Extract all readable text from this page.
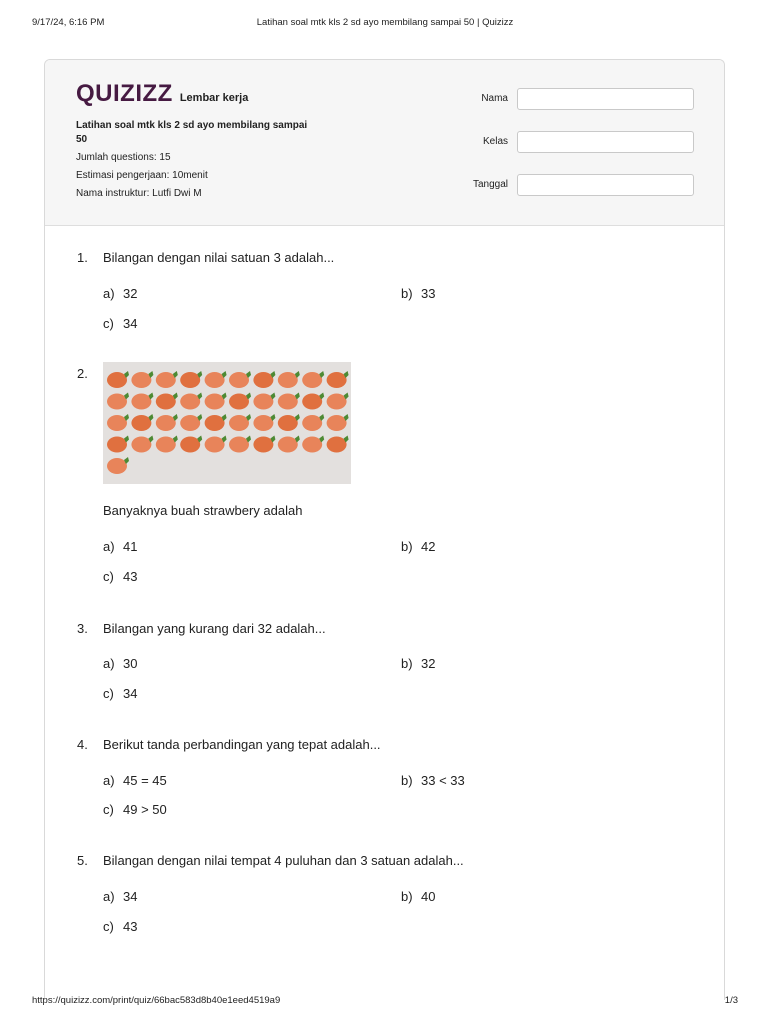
9/17/24, 6:16 PM	Latihan soal mtk kls 2 sd ayo membilang sampai 50 | Quizizz
QUIZIZZ Lembar kerja
Latihan soal mtk kls 2 sd ayo membilang sampai 50
Jumlah questions: 15
Estimasi pengerjaan: 10menit
Nama instruktur: Lutfi Dwi M
Nama
Kelas
Tanggal
1. Bilangan dengan nilai satuan 3 adalah...
a) 32	b) 33
c) 34
2.
Banyaknya buah strawbery adalah
a) 41	b) 42
c) 43
3. Bilangan yang kurang dari 32 adalah...
a) 30	b) 32
c) 34
4. Berikut tanda perbandingan yang tepat adalah...
a) 45 = 45	b) 33 < 33
c) 49 > 50
5. Bilangan dengan nilai tempat 4 puluhan dan 3 satuan adalah...
a) 34	b) 40
c) 43
https://quizizz.com/print/quiz/66bac583d8b40e1eed4519a9	1/3
